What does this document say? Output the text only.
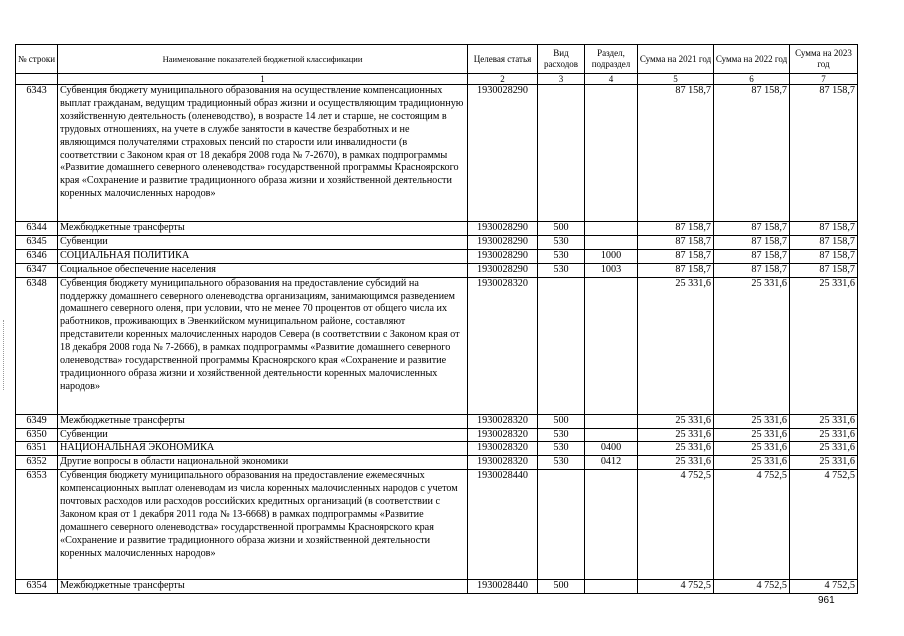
№ строки	Наименование показателей бюджетной классификации	Целевая статья	Вид расходов	Раздел, подраздел	Сумма на 2021 год	Сумма на 2022 год	Сумма на 2023 год
	1	2	3	4	5	6	7
6343	Субвенция бюджету муниципального образования на осуществление компенсационных выплат гражданам, ведущим традиционный образ жизни и осуществляющим традиционную хозяйственную деятельность (оленеводство), в возрасте 14 лет и старше, не состоящим в трудовых отношениях, на учете в службе занятости в качестве безработных и не являющимся получателями страховых пенсий по старости или инвалидности (в соответствии с Законом края от 18 декабря 2008 года № 7-2670), в рамках подпрограммы «Развитие домашнего северного оленеводства» государственной программы Красноярского края «Сохранение и развитие традиционного образа жизни и хозяйственной деятельности коренных малочисленных народов»	1930028290			87 158,7	87 158,7	87 158,7
6344	Межбюджетные трансферты	1930028290	500		87 158,7	87 158,7	87 158,7
6345	Субвенции	1930028290	530		87 158,7	87 158,7	87 158,7
6346	СОЦИАЛЬНАЯ ПОЛИТИКА	1930028290	530	1000	87 158,7	87 158,7	87 158,7
6347	Социальное обеспечение населения	1930028290	530	1003	87 158,7	87 158,7	87 158,7
6348	Субвенция бюджету муниципального образования на предоставление субсидий на поддержку домашнего северного оленеводства организациям, занимающимся разведением домашнего северного оленя, при условии, что не менее 70 процентов от общего числа их работников, проживающих в Эвенкийском муниципальном районе, составляют представители коренных малочисленных народов Севера (в соответствии с Законом края от 18 декабря 2008 года № 7-2666), в рамках подпрограммы «Развитие домашнего северного оленеводства» государственной программы Красноярского края «Сохранение и развитие традиционного образа жизни и хозяйственной деятельности коренных малочисленных народов»	1930028320			25 331,6	25 331,6	25 331,6
6349	Межбюджетные трансферты	1930028320	500		25 331,6	25 331,6	25 331,6
6350	Субвенции	1930028320	530		25 331,6	25 331,6	25 331,6
6351	НАЦИОНАЛЬНАЯ ЭКОНОМИКА	1930028320	530	0400	25 331,6	25 331,6	25 331,6
6352	Другие вопросы в области национальной экономики	1930028320	530	0412	25 331,6	25 331,6	25 331,6
6353	Субвенция бюджету муниципального образования на предоставление ежемесячных компенсационных выплат оленеводам из числа коренных малочисленных народов с учетом почтовых расходов или расходов российских кредитных организаций (в соответствии с Законом края от 1 декабря 2011 года № 13-6668) в рамках подпрограммы «Развитие домашнего северного оленеводства» государственной программы Красноярского края «Сохранение и развитие традиционного образа жизни и хозяйственной деятельности коренных малочисленных народов»	1930028440			4 752,5	4 752,5	4 752,5
6354	Межбюджетные трансферты	1930028440	500		4 752,5	4 752,5	4 752,5
961
